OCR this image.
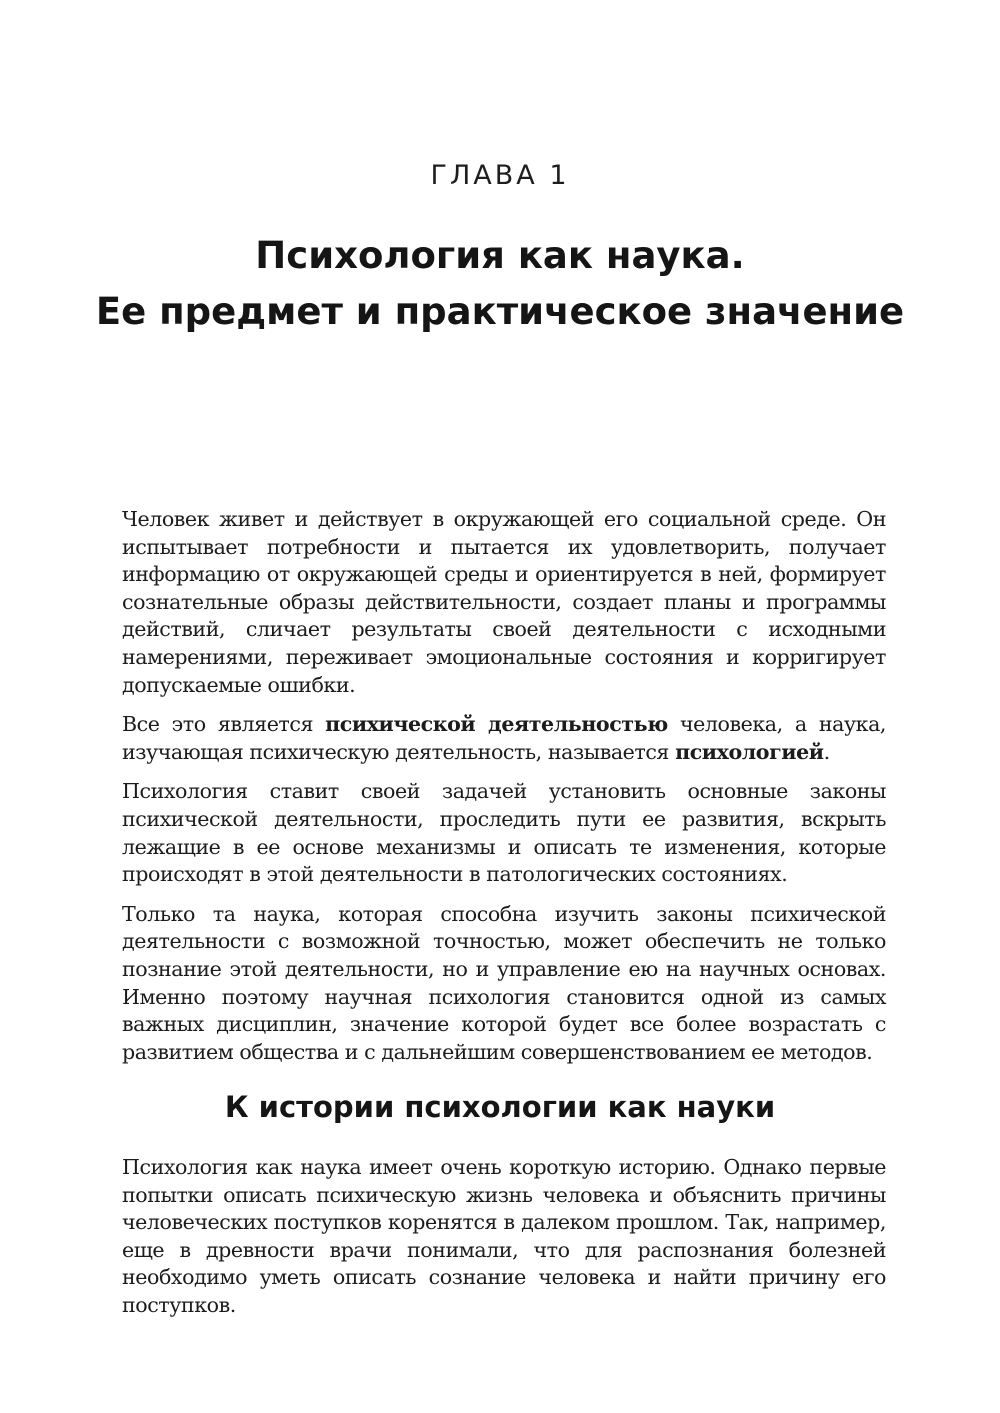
ГЛАВА 1
Психология как наука.
Ее предмет и практическое значение

Человек живет и действует в окружающей его социальной среде. Он испытывает потребности и пытается их удовлетворить, получает информацию от окружающей среды и ориентируется в ней, формирует сознательные образы действительности, создает планы и программы действий, сличает результаты своей деятельности с исходными намерениями, переживает эмоциональные состояния и корригирует допускаемые ошибки.

Все это является психической деятельностью человека, а наука, изучающая психическую деятельность, называется психологией.

Психология ставит своей задачей установить основные законы психической деятельности, проследить пути ее развития, вскрыть лежащие в ее основе механизмы и описать те изменения, которые происходят в этой деятельности в патологических состояниях.

Только та наука, которая способна изучить законы психической деятельности с возможной точностью, может обеспечить не только познание этой деятельности, но и управление ею на научных основах. Именно поэтому научная психология становится одной из самых важных дисциплин, значение которой будет все более возрастать с развитием общества и с дальнейшим совершенствованием ее методов.

К истории психологии как науки

Психология как наука имеет очень короткую историю. Однако первые попытки описать психическую жизнь человека и объяснить причины человеческих поступков коренятся в далеком прошлом. Так, например, еще в древности врачи понимали, что для распознания болезней необходимо уметь описать сознание человека и найти причину его поступков.
